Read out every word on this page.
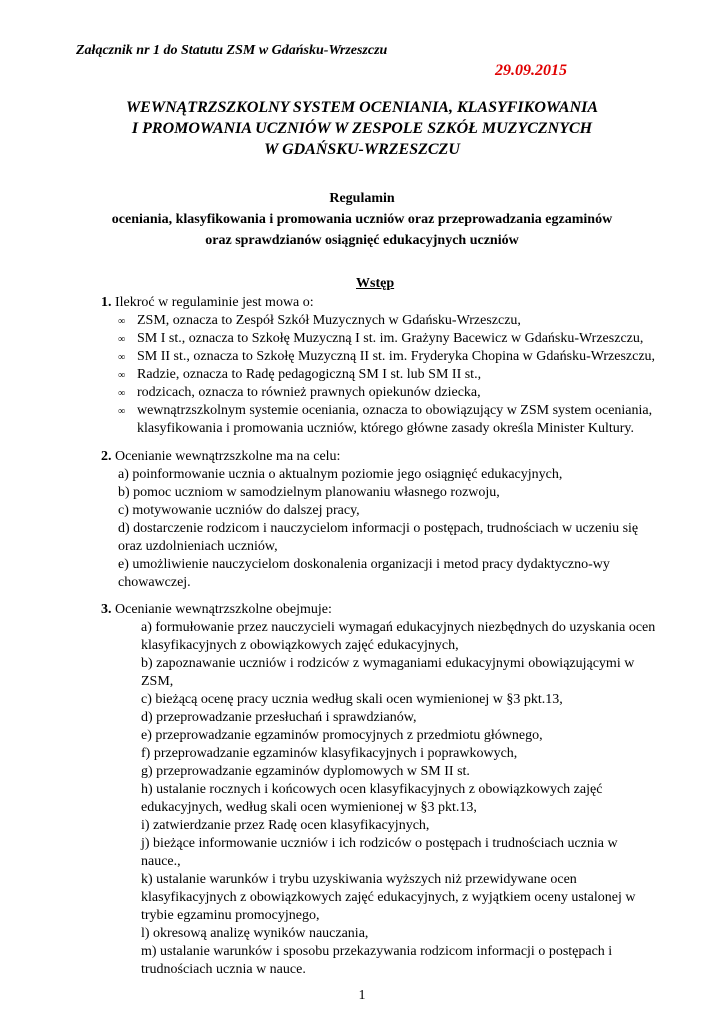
Załącznik nr 1 do Statutu ZSM w Gdańsku-Wrzeszczu
29.09.2015
WEWNĄTRZSZKOLNY SYSTEM OCENIANIA, KLASYFIKOWANIA
I PROMOWANIA UCZNIÓW W ZESPOLE SZKÓŁ MUZYCZNYCH
W GDAŃSKU-WRZESZCZU
Regulamin
oceniania, klasyfikowania i promowania uczniów oraz przeprowadzania egzaminów
oraz sprawdzianów osiągnięć edukacyjnych uczniów
Wstęp
1. Ilekroć w regulaminie jest mowa o:
∞ ZSM, oznacza to Zespół Szkół Muzycznych w Gdańsku-Wrzeszczu,
∞ SM I st., oznacza to Szkołę Muzyczną I st. im. Grażyny Bacewicz w Gdańsku-Wrzeszczu,
∞ SM II st., oznacza to Szkołę Muzyczną II st. im. Fryderyka Chopina w Gdańsku-Wrzeszczu,
∞ Radzie, oznacza to Radę pedagogiczną SM I st. lub SM II st.,
∞ rodzicach, oznacza to również prawnych opiekunów dziecka,
∞ wewnątrzszkolnym systemie oceniania, oznacza to obowiązujący w ZSM system oceniania,
klasyfikowania i promowania uczniów, którego główne zasady określa Minister Kultury.
2. Ocenianie wewnątrzszkolne ma na celu:
a) poinformowanie ucznia o aktualnym poziomie jego osiągnięć edukacyjnych,
b) pomoc uczniom w samodzielnym planowaniu własnego rozwoju,
c) motywowanie uczniów do dalszej pracy,
d) dostarczenie rodzicom i nauczycielom informacji o postępach, trudnościach w uczeniu się
oraz uzdolnieniach uczniów,
e) umożliwienie nauczycielom doskonalenia organizacji i metod pracy dydaktyczno-wy
chowawczej.
3. Ocenianie wewnątrzszkolne obejmuje:
a) formułowanie przez nauczycieli wymagań edukacyjnych niezbędnych do uzyskania ocen
klasyfikacyjnych z obowiązkowych zajęć edukacyjnych,
b) zapoznawanie uczniów i rodziców z wymaganiami edukacyjnymi obowiązującymi w
ZSM,
c) bieżącą ocenę pracy ucznia według skali ocen wymienionej w §3 pkt.13,
d) przeprowadzanie przesłuchań i sprawdzianów,
e) przeprowadzanie egzaminów promocyjnych z przedmiotu głównego,
f) przeprowadzanie egzaminów klasyfikacyjnych i poprawkowych,
g) przeprowadzanie egzaminów dyplomowych w SM II st.
h) ustalanie rocznych i końcowych ocen klasyfikacyjnych z obowiązkowych zajęć
edukacyjnych, według skali ocen wymienionej w §3 pkt.13,
i) zatwierdzanie przez Radę ocen klasyfikacyjnych,
j) bieżące informowanie uczniów i ich rodziców o postępach i trudnościach ucznia w
nauce.,
k) ustalanie warunków i trybu uzyskiwania wyższych niż przewidywane ocen
klasyfikacyjnych z obowiązkowych zajęć edukacyjnych, z wyjątkiem oceny ustalonej w
trybie egzaminu promocyjnego,
l) okresową analizę wyników nauczania,
m) ustalanie warunków i sposobu przekazywania rodzicom informacji o postępach i
trudnościach ucznia w nauce.
1
